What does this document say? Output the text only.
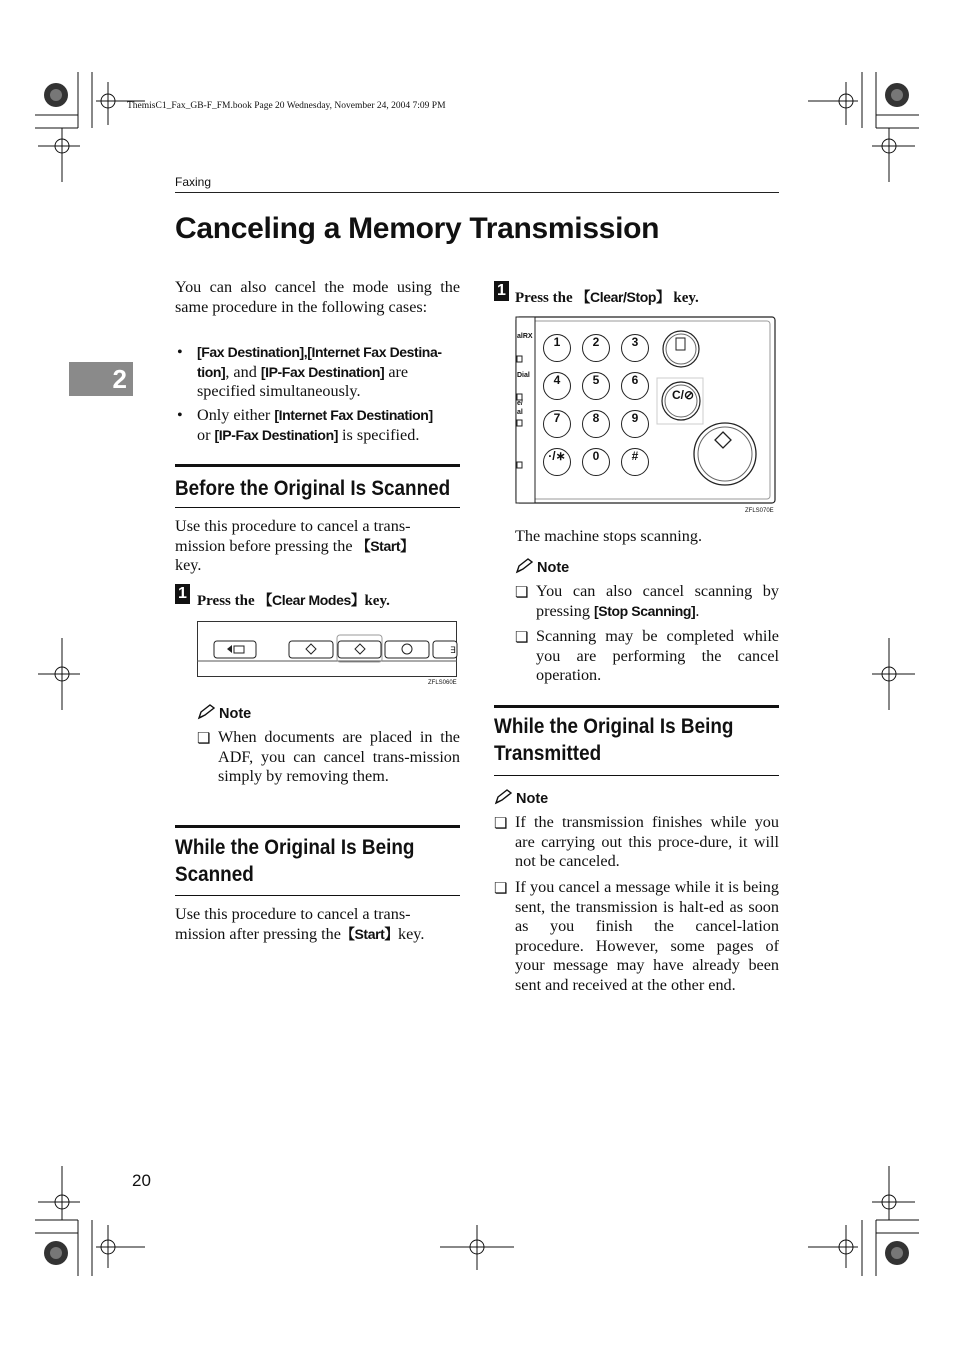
ThemisC1_Fax_GB-F_FM.book Page 20 Wednesday, November 24, 2004 7:09 PM
Faxing
Canceling a Memory Transmission
2
You can also cancel the mode using the same procedure in the following cases:
• [Fax Destination],[Internet Fax Destina-
tion], and [IP-Fax Destination] are
specified simultaneously.
• Only either [Internet Fax Destination]
or [IP-Fax Destination] is specified.
Before the Original Is Scanned
Use this procedure to cancel a trans-
mission before pressing the 【Start】
key.
1 Press the 【Clear Modes】key.
∃
ZFLS060E
Note
❏ When documents are placed in the ADF, you can cancel trans-mission simply by removing them.
While the Original Is Being
Scanned
Use this procedure to cancel a trans-
mission after pressing the【Start】key.
1 Press the 【Clear/Stop】 key.
alRX
Dial
e/
al
C/⊘
1	2	3
4	5	6
7	8	9
·/∗	0	#
ZFLS070E
The machine stops scanning.
Note
❏ You can also cancel scanning by pressing [Stop Scanning].
❏ Scanning may be completed while you are performing the cancel operation.
While the Original Is Being
Transmitted
Note
❏ If the transmission finishes while you are carrying out this proce-dure, it will not be canceled.
❏ If you cancel a message while it is being sent, the transmission is halt-ed as soon as you finish the cancel-lation procedure. However, some pages of your message may have already been sent and received at the other end.
20
